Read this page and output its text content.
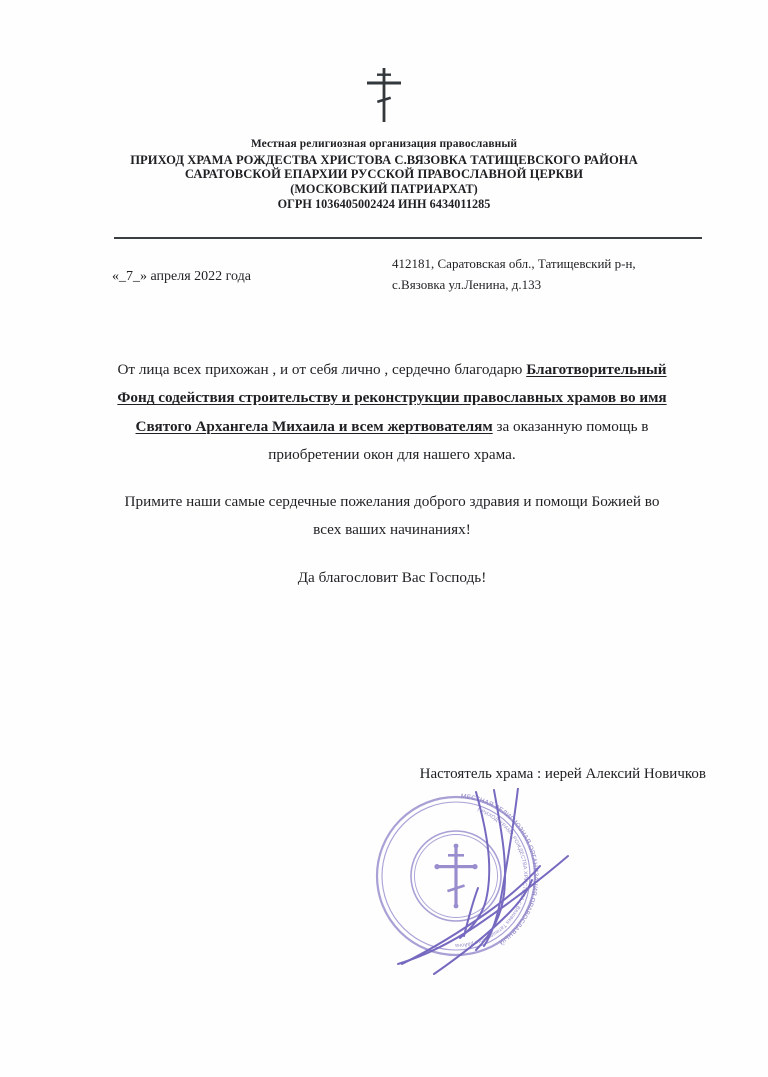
Местная религиозная организация православный
ПРИХОД ХРАМА РОЖДЕСТВА ХРИСТОВА С.ВЯЗОВКА ТАТИЩЕВСКОГО РАЙОНА
САРАТОВСКОЙ ЕПАРХИИ РУССКОЙ ПРАВОСЛАВНОЙ ЦЕРКВИ
(МОСКОВСКИЙ ПАТРИАРХАТ)
ОГРН 1036405002424 ИНН 6434011285
«_7_» апреля 2022 года
412181, Саратовская обл., Татищевский р-н,
с.Вязовка ул.Ленина, д.133

От лица всех прихожан , и от себя лично , сердечно благодарю Благотворительный Фонд содействия строительству и реконструкции православных храмов во имя Святого Архангела Михаила и всем жертвователям за оказанную помощь в приобретении окон для нашего храма.

Примите наши самые сердечные пожелания доброго здравия и помощи Божией во всех ваших начинаниях!

Да благословит Вас Господь!

Настоятель храма : иерей Алексий Новичков
МЕСТНАЯ РЕЛИГИОЗНАЯ ОРГАНИЗАЦИЯ ПРАВОСЛАВНЫЙ
ПРИХОД ХРАМА РОЖДЕСТВА ХРИСТОВА с.Вязовка Татищевского района
